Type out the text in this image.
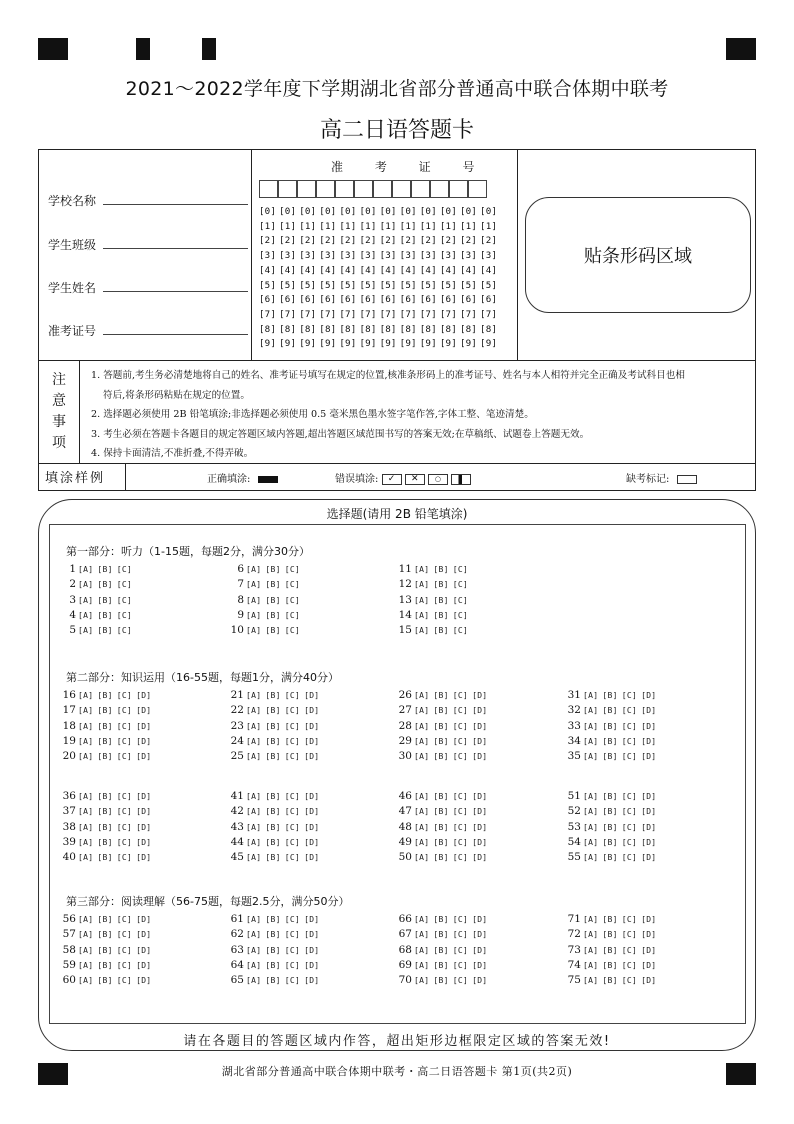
2021～2022学年度下学期湖北省部分普通高中联合体期中联考
高二日语答题卡
学校名称
学生班级
学生姓名
准考证号
准 考 证 号
[0] [0] [0] [0] [0] [0] [0] [0] [0] [0] [0] [0]
[1] [1] [1] [1] [1] [1] [1] [1] [1] [1] [1] [1]
[2] [2] [2] [2] [2] [2] [2] [2] [2] [2] [2] [2]
[3] [3] [3] [3] [3] [3] [3] [3] [3] [3] [3] [3]
[4] [4] [4] [4] [4] [4] [4] [4] [4] [4] [4] [4]
[5] [5] [5] [5] [5] [5] [5] [5] [5] [5] [5] [5]
[6] [6] [6] [6] [6] [6] [6] [6] [6] [6] [6] [6]
[7] [7] [7] [7] [7] [7] [7] [7] [7] [7] [7] [7]
[8] [8] [8] [8] [8] [8] [8] [8] [8] [8] [8] [8]
[9] [9] [9] [9] [9] [9] [9] [9] [9] [9] [9] [9]
贴条形码区域
注
意
事
项
1. 答题前,考生务必清楚地将自己的姓名、准考证号填写在规定的位置,核准条形码上的准考证号、姓名与本人相符并完全正确及考试科目也相
符后,将条形码粘贴在规定的位置。
2. 选择题必须使用 2B 铅笔填涂;非选择题必须使用 0.5 毫米黑色墨水签字笔作答,字体工整、笔迹清楚。
3. 考生必须在答题卡各题目的规定答题区域内答题,超出答题区域范围书写的答案无效;在草稿纸、试题卷上答题无效。
4. 保持卡面清洁,不准折叠,不得弄破。
填涂样例	正确填涂:	错误填涂: ✓ ✕ ○	缺考标记:
选择题(请用 2B 铅笔填涂)
第一部分：听力（1-15题，每题2分，满分30分）
第二部分：知识运用（16-55题，每题1分，满分40分）
第三部分：阅读理解（56-75题，每题2.5分，满分50分）
1 [A] [B] [C]
2 [A] [B] [C]
3 [A] [B] [C]
4 [A] [B] [C]
5 [A] [B] [C]
6 [A] [B] [C]
7 [A] [B] [C]
8 [A] [B] [C]
9 [A] [B] [C]
10 [A] [B] [C]
11 [A] [B] [C]
12 [A] [B] [C]
13 [A] [B] [C]
14 [A] [B] [C]
15 [A] [B] [C]
16 [A] [B] [C] [D]
17 [A] [B] [C] [D]
18 [A] [B] [C] [D]
19 [A] [B] [C] [D]
20 [A] [B] [C] [D]
21 [A] [B] [C] [D]
22 [A] [B] [C] [D]
23 [A] [B] [C] [D]
24 [A] [B] [C] [D]
25 [A] [B] [C] [D]
26 [A] [B] [C] [D]
27 [A] [B] [C] [D]
28 [A] [B] [C] [D]
29 [A] [B] [C] [D]
30 [A] [B] [C] [D]
31 [A] [B] [C] [D]
32 [A] [B] [C] [D]
33 [A] [B] [C] [D]
34 [A] [B] [C] [D]
35 [A] [B] [C] [D]
36 [A] [B] [C] [D]
37 [A] [B] [C] [D]
38 [A] [B] [C] [D]
39 [A] [B] [C] [D]
40 [A] [B] [C] [D]
41 [A] [B] [C] [D]
42 [A] [B] [C] [D]
43 [A] [B] [C] [D]
44 [A] [B] [C] [D]
45 [A] [B] [C] [D]
46 [A] [B] [C] [D]
47 [A] [B] [C] [D]
48 [A] [B] [C] [D]
49 [A] [B] [C] [D]
50 [A] [B] [C] [D]
51 [A] [B] [C] [D]
52 [A] [B] [C] [D]
53 [A] [B] [C] [D]
54 [A] [B] [C] [D]
55 [A] [B] [C] [D]
56 [A] [B] [C] [D]
57 [A] [B] [C] [D]
58 [A] [B] [C] [D]
59 [A] [B] [C] [D]
60 [A] [B] [C] [D]
61 [A] [B] [C] [D]
62 [A] [B] [C] [D]
63 [A] [B] [C] [D]
64 [A] [B] [C] [D]
65 [A] [B] [C] [D]
66 [A] [B] [C] [D]
67 [A] [B] [C] [D]
68 [A] [B] [C] [D]
69 [A] [B] [C] [D]
70 [A] [B] [C] [D]
71 [A] [B] [C] [D]
72 [A] [B] [C] [D]
73 [A] [B] [C] [D]
74 [A] [B] [C] [D]
75 [A] [B] [C] [D]
请在各题目的答题区域内作答，超出矩形边框限定区域的答案无效!
湖北省部分普通高中联合体期中联考・高二日语答题卡 第1页(共2页)
